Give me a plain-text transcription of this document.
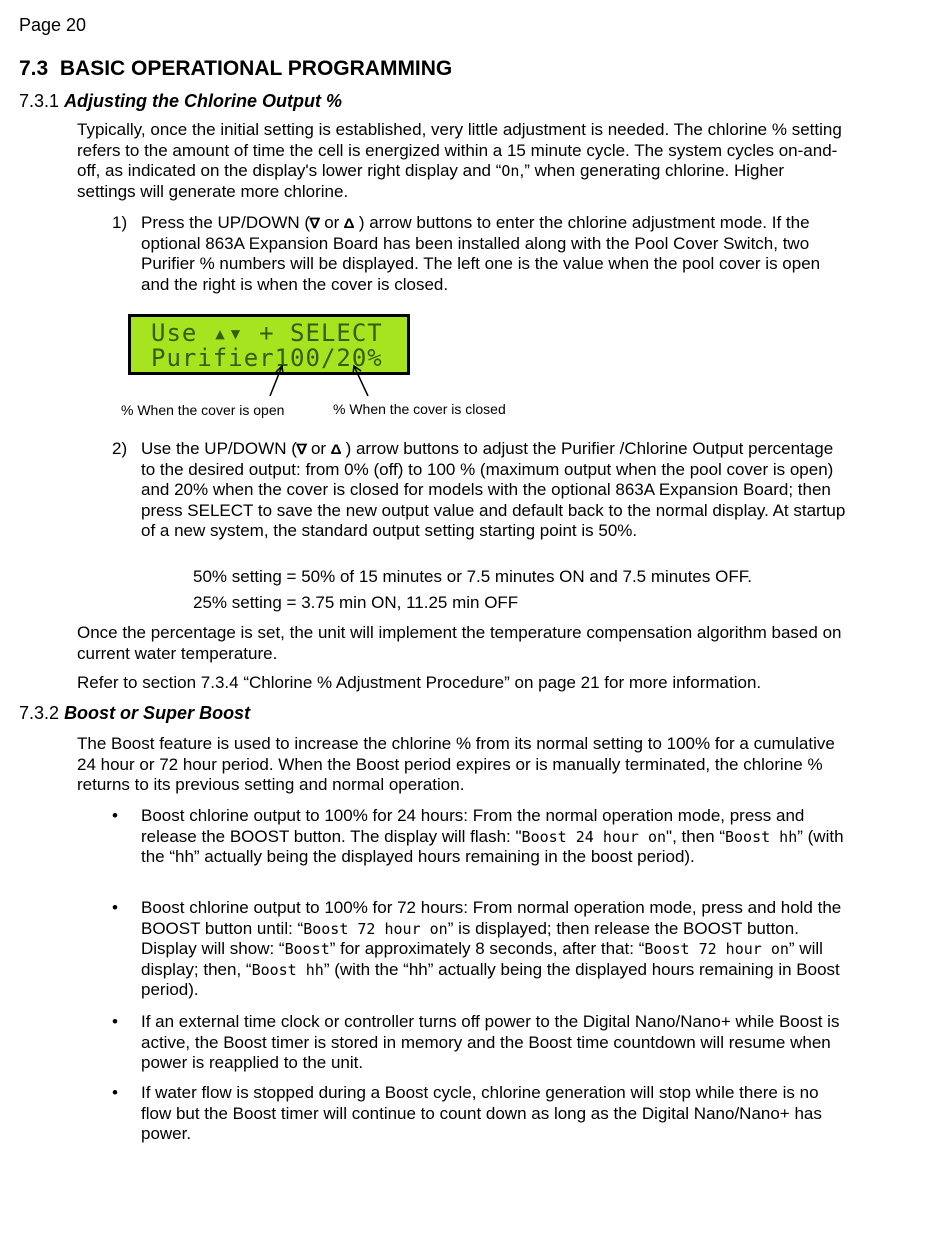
Page 20
7.3 BASIC OPERATIONAL PROGRAMMING
7.3.1 Adjusting the Chlorine Output %
Typically, once the initial setting is established, very little adjustment is needed. The chlorine % setting refers to the amount of time the cell is energized within a 15 minute cycle. The system cycles on-and-off, as indicated on the display's lower right display and “On,” when generating chlorine. Higher settings will generate more chlorine.
1) Press the UP/DOWN (∇ or Δ ) arrow buttons to enter the chlorine adjustment mode. If the optional 863A Expansion Board has been installed along with the Pool Cover Switch, two Purifier % numbers will be displayed. The left one is the value when the pool cover is open and the right is when the cover is closed.
Use ▴▾ + SELECT
Purifier100/20%
% When the cover is open	% When the cover is closed
2) Use the UP/DOWN (∇ or Δ ) arrow buttons to adjust the Purifier /Chlorine Output percentage to the desired output: from 0% (off) to 100 % (maximum output when the pool cover is open) and 20% when the cover is closed for models with the optional 863A Expansion Board; then press SELECT to save the new output value and default back to the normal display. At startup of a new system, the standard output setting starting point is 50%.
50% setting = 50% of 15 minutes or 7.5 minutes ON and 7.5 minutes OFF.
25% setting = 3.75 min ON, 11.25 min OFF
Once the percentage is set, the unit will implement the temperature compensation algorithm based on current water temperature.
Refer to section 7.3.4 “Chlorine % Adjustment Procedure” on page 21 for more information.
7.3.2 Boost or Super Boost
The Boost feature is used to increase the chlorine % from its normal setting to 100% for a cumulative 24 hour or 72 hour period. When the Boost period expires or is manually terminated, the chlorine % returns to its previous setting and normal operation.
• Boost chlorine output to 100% for 24 hours: From the normal operation mode, press and release the BOOST button. The display will flash: "Boost 24 hour on", then “Boost hh” (with the “hh” actually being the displayed hours remaining in the boost period).
• Boost chlorine output to 100% for 72 hours: From normal operation mode, press and hold the BOOST button until: “Boost 72 hour on” is displayed; then release the BOOST button. Display will show: “Boost” for approximately 8 seconds, after that: “Boost 72 hour on” will display; then, “Boost hh” (with the “hh” actually being the displayed hours remaining in Boost period).
• If an external time clock or controller turns off power to the Digital Nano/Nano+ while Boost is active, the Boost timer is stored in memory and the Boost time countdown will resume when power is reapplied to the unit.
• If water flow is stopped during a Boost cycle, chlorine generation will stop while there is no flow but the Boost timer will continue to count down as long as the Digital Nano/Nano+ has power.
